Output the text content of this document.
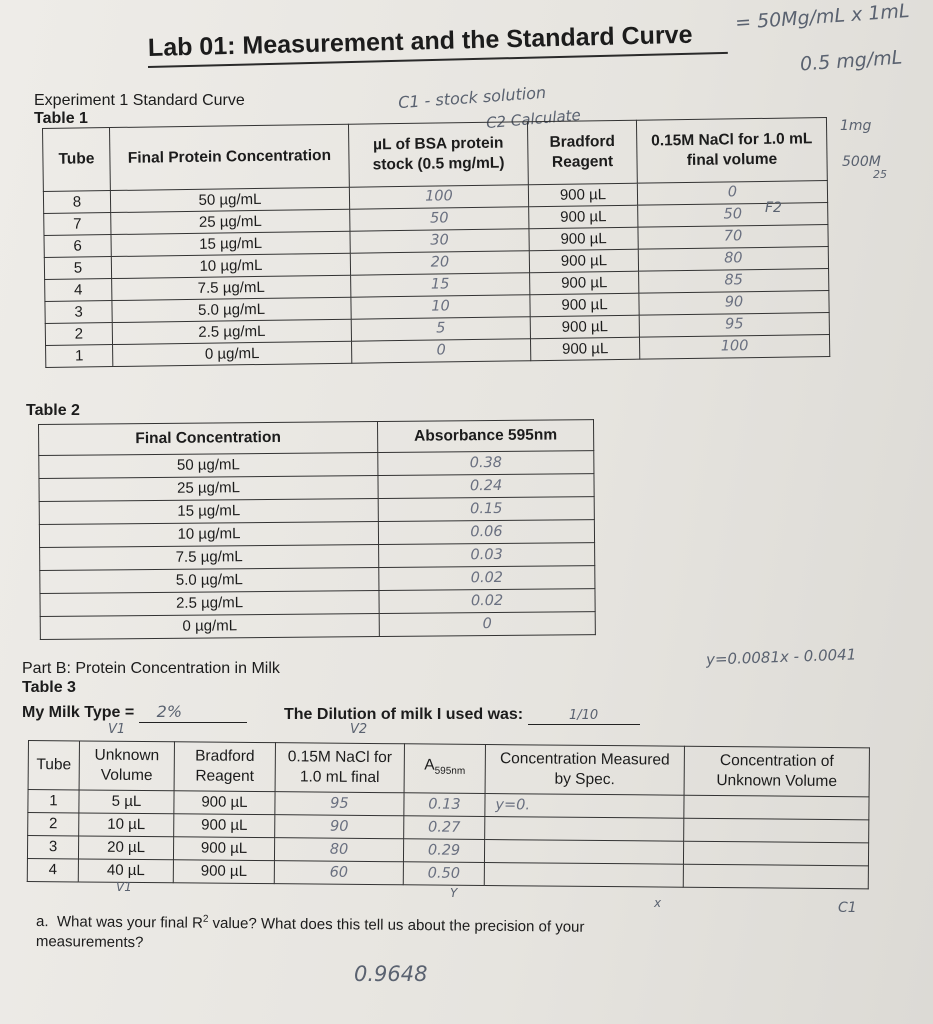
Lab 01: Measurement and the Standard Curve
= 50Mg/mL x 1mL
0.5 mg/mL
Experiment 1 Standard Curve
Table 1
C1 - stock solution
C2 Calculate	1mg
500M
25
Tube	Final Protein Concentration	µL of BSA protein stock (0.5 mg/mL)	Bradford Reagent	0.15M NaCl for 1.0 mL final volume
8	50 µg/mL	100	900 µL	0
7	25 µg/mL	50	900 µL	50
6	15 µg/mL	30	900 µL	70
5	10 µg/mL	20	900 µL	80
4	7.5 µg/mL	15	900 µL	85
3	5.0 µg/mL	10	900 µL	90
2	2.5 µg/mL	5	900 µL	95
1	0 µg/mL	0	900 µL	100
F2
Table 2
Final Concentration	Absorbance 595nm
50 µg/mL	0.38
25 µg/mL	0.24
15 µg/mL	0.15
10 µg/mL	0.06
7.5 µg/mL	0.03
5.0 µg/mL	0.02
2.5 µg/mL	0.02
0 µg/mL	0
y=0.0081x - 0.0041
Part B: Protein Concentration in Milk
Table 3
My Milk Type = 2%	The Dilution of milk I used was:	1/10
V1	V2
Tube	Unknown Volume	Bradford Reagent	0.15M NaCl for 1.0 mL final	$A_{595nm}$	Concentration Measured by Spec.	Concentration of Unknown Volume
1	5 µL	900 µL	95	0.13	y=0.	
2	10 µL	900 µL	90	0.27		
3	20 µL	900 µL	80	0.29		
4	40 µL	900 µL	60	0.50		
V1	Y
x	C1
a. What was your final $R^2$ value? What does this tell us about the precision of your measurements?
0.9648
